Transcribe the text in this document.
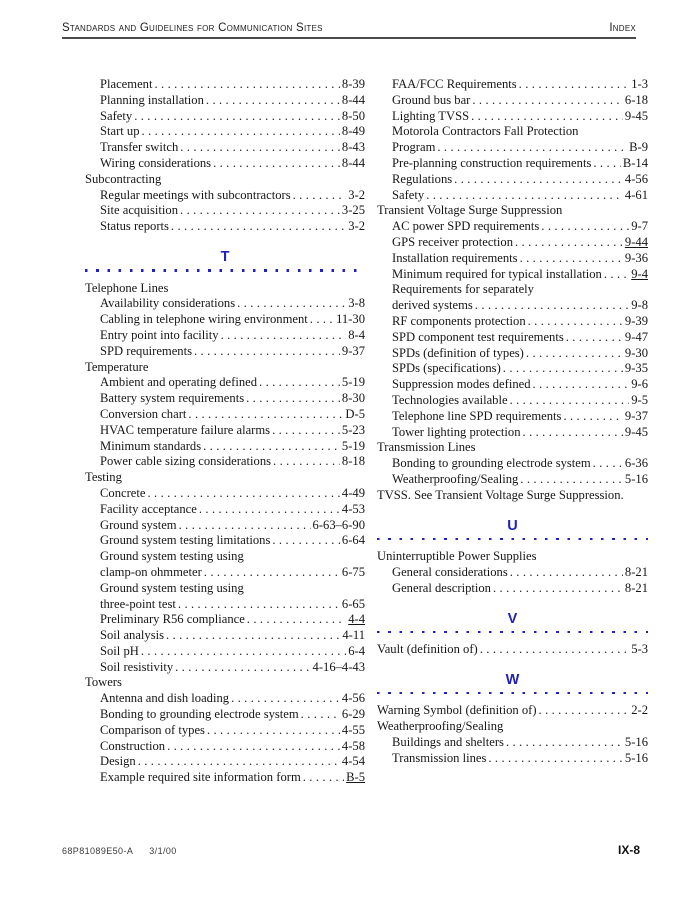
Standards and Guidelines for Communication Sites	Index
Placement .....	8-39
Planning installation .....	8-44
Safety .....	8-50
Start up .....	8-49
Transfer switch .....	8-43
Wiring considerations .....	8-44
Subcontracting
Regular meetings with subcontractors .....	3-2
Site acquisition .....	3-25
Status reports .....	3-2
T
Telephone Lines
Availability considerations .....	3-8
Cabling in telephone wiring environment ..... 11-30
Entry point into facility .....	8-4
SPD requirements .....	9-37
Temperature
Ambient and operating defined .....	5-19
Battery system requirements .....	8-30
Conversion chart .....	D-5
HVAC temperature failure alarms .....	5-23
Minimum standards .....	5-19
Power cable sizing considerations .....	8-18
Testing
Concrete .....	4-49
Facility acceptance .....	4-53
Ground system .....	6-63–6-90
Ground system testing limitations .....	6-64
Ground system testing using
clamp-on ohmmeter .....	6-75
Ground system testing using
three-point test .....	6-65
Preliminary R56 compliance .....	4-4
Soil analysis .....	4-11
Soil pH .....	6-4
Soil resistivity .....	4-16–4-43
Towers
Antenna and dish loading .....	4-56
Bonding to grounding electrode system .....	6-29
Comparison of types .....	4-55
Construction .....	4-58
Design .....	4-54
Example required site information form .....	B-5
FAA/FCC Requirements .....	1-3
Ground bus bar .....	6-18
Lighting TVSS .....	9-45
Motorola Contractors Fall Protection
Program .....	B-9
Pre-planning construction requirements ..... B-14
Regulations .....	4-56
Safety .....	4-61
Transient Voltage Surge Suppression
AC power SPD requirements .....	9-7
GPS receiver protection .....	9-44
Installation requirements .....	9-36
Minimum required for typical installation ..... 9-4
Requirements for separately
derived systems .....	9-8
RF components protection .....	9-39
SPD component test requirements .....	9-47
SPDs (definition of types) .....	9-30
SPDs (specifications) .....	9-35
Suppression modes defined .....	9-6
Technologies available .....	9-5
Telephone line SPD requirements .....	9-37
Tower lighting protection .....	9-45
Transmission Lines
Bonding to grounding electrode system .....	6-36
Weatherproofing/Sealing .....	5-16
TVSS. See Transient Voltage Surge Suppression.
U
Uninterruptible Power Supplies
General considerations .....	8-21
General description .....	8-21
V
Vault (definition of) .....	5-3
W
Warning Symbol (definition of) .....	2-2
Weatherproofing/Sealing
Buildings and shelters .....	5-16
Transmission lines .....	5-16
68P81089E50-A 3/1/00	IX-8
